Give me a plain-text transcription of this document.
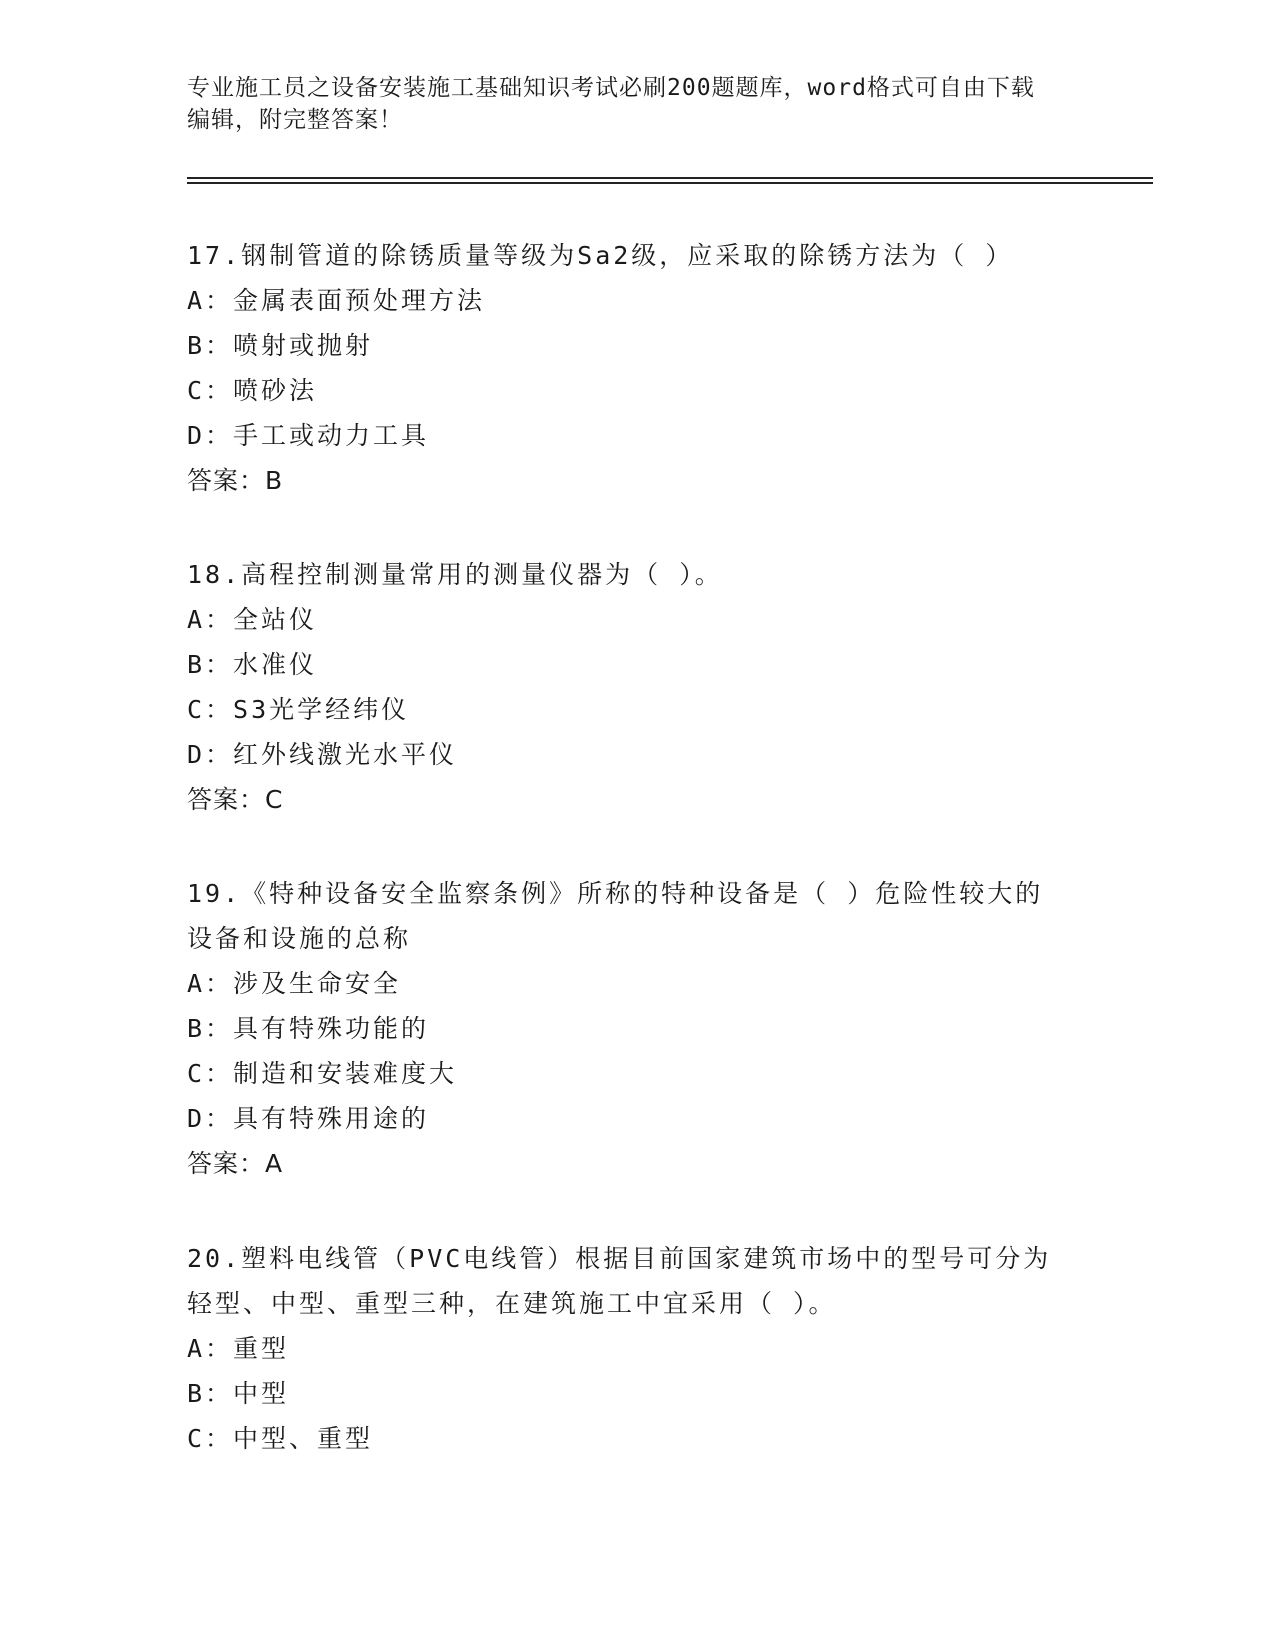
专业施工员之设备安装施工基础知识考试必刷200题题库，word格式可自由下载
编辑，附完整答案！
17.钢制管道的除锈质量等级为Sa2级，应采取的除锈方法为（ ）
A：金属表面预处理方法
B：喷射或抛射
C：喷砂法
D：手工或动力工具
答案：B
18.高程控制测量常用的测量仪器为（ ）。
A：全站仪
B：水准仪
C：S3光学经纬仪
D：红外线激光水平仪
答案：C
19.《特种设备安全监察条例》所称的特种设备是（ ）危险性较大的
设备和设施的总称
A：涉及生命安全
B：具有特殊功能的
C：制造和安装难度大
D：具有特殊用途的
答案：A
20.塑料电线管（PVC电线管）根据目前国家建筑市场中的型号可分为
轻型、中型、重型三种，在建筑施工中宜采用（ ）。
A：重型
B：中型
C：中型、重型
